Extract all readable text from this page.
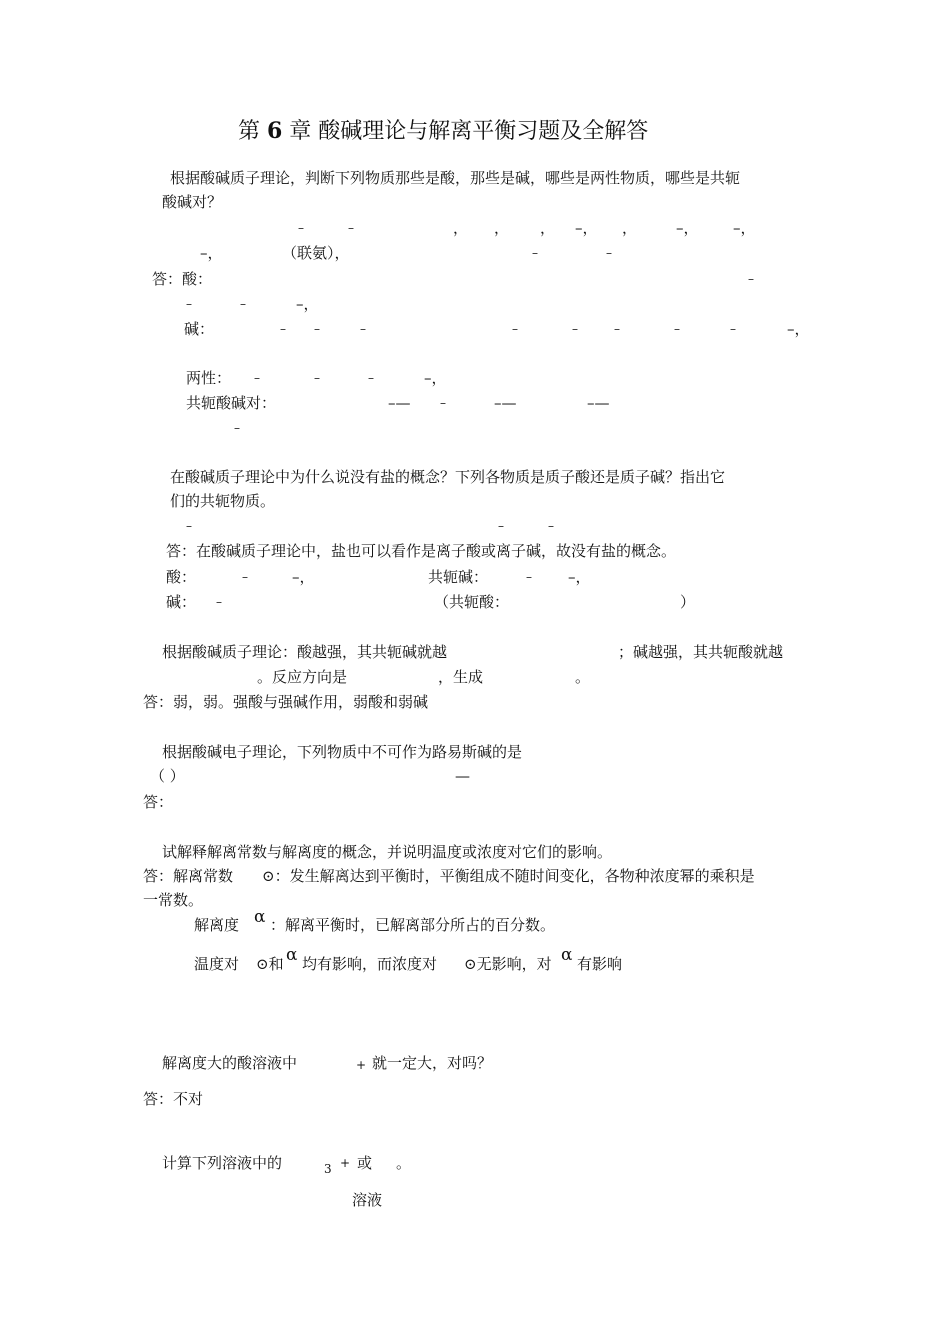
第 6 章 酸碱理论与解离平衡习题及全解答
根据酸碱质子理论，判断下列物质那些是酸，那些是碱，哪些是两性物质，哪些是共轭
酸碱对？
–	–	， ， ， –， ，	–， –，
–，	（联氨），	–	–
答：酸：	–
–	–	–，
碱：	– –	–	–	–	–	–	–	–，
两性： –	–	–	–，
共轭酸碱对：	–— –	–—	–—
–
在酸碱质子理论中为什么说没有盐的概念？下列各物质是质子酸还是质子碱？指出它
们的共轭物质。
–	–	–
答：在酸碱质子理论中，盐也可以看作是离子酸或离子碱，故没有盐的概念。
酸：	–	–，	共轭碱：	– –，
碱： –	（共轭酸：	）
根据酸碱质子理论：酸越强，其共轭碱就越	；碱越强，其共轭酸就越
。反应方向是	，生成	。
答：弱，弱。强酸与强碱作用，弱酸和弱碱
根据酸碱电子理论，下列物质中不可作为路易斯碱的是
（ ）	—
答：
试解释解离常数与解离度的概念，并说明温度或浓度对它们的影响。
答：解离常数 ⊙：发生解离达到平衡时，平衡组成不随时间变化，各物种浓度幂的乘积是
一常数。
解离度 α ：解离平衡时，已解离部分所占的百分数。
温度对 ⊙和 α 均有影响，而浓度对 ⊙无影响，对 α 有影响
解离度大的酸溶液中	+ 就一定大，对吗？
答：不对
计算下列溶液中的	3 + 或 。
溶液
